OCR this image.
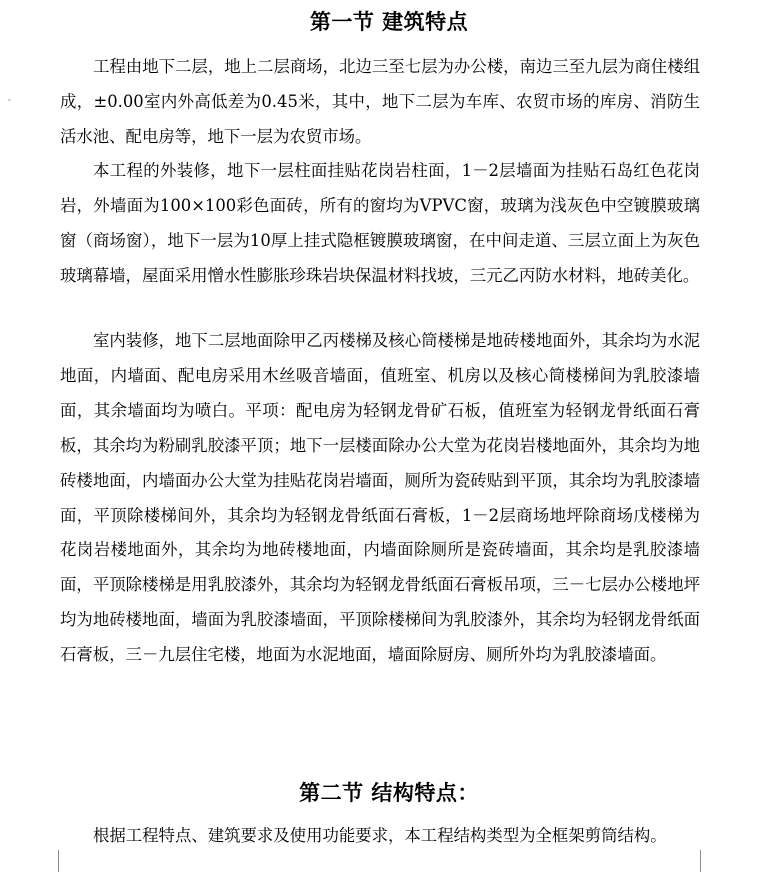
⌄
第一节 建筑特点

工程由地下二层，地上二层商场，北边三至七层为办公楼，南边三至九层为商住楼组成，±0.00室内外高低差为0.45米，其中，地下二层为车库、农贸市场的库房、消防生活水池、配电房等，地下一层为农贸市场。

本工程的外装修，地下一层柱面挂贴花岗岩柱面，1－2层墙面为挂贴石岛红色花岗岩，外墙面为100×100彩色面砖，所有的窗均为VPVC窗，玻璃为浅灰色中空镀膜玻璃窗（商场窗），地下一层为10厚上挂式隐框镀膜玻璃窗，在中间走道、三层立面上为灰色玻璃幕墙，屋面采用憎水性膨胀珍珠岩块保温材料找坡，三元乙丙防水材料，地砖美化。

室内装修，地下二层地面除甲乙丙楼梯及核心筒楼梯是地砖楼地面外，其余均为水泥地面，内墙面、配电房采用木丝吸音墙面，值班室、机房以及核心筒楼梯间为乳胶漆墙面，其余墙面均为喷白。平项：配电房为轻钢龙骨矿石板，值班室为轻钢龙骨纸面石膏板，其余均为粉刷乳胶漆平顶；地下一层楼面除办公大堂为花岗岩楼地面外，其余均为地砖楼地面，内墙面办公大堂为挂贴花岗岩墙面，厕所为瓷砖贴到平顶，其余均为乳胶漆墙面，平顶除楼梯间外，其余均为轻钢龙骨纸面石膏板，1－2层商场地坪除商场戊楼梯为花岗岩楼地面外，其余均为地砖楼地面，内墙面除厕所是瓷砖墙面，其余均是乳胶漆墙面，平顶除楼梯是用乳胶漆外，其余均为轻钢龙骨纸面石膏板吊项，三－七层办公楼地坪均为地砖楼地面，墙面为乳胶漆墙面，平顶除楼梯间为乳胶漆外，其余均为轻钢龙骨纸面石膏板，三－九层住宅楼，地面为水泥地面，墙面除厨房、厕所外均为乳胶漆墙面。

第二节 结构特点：

根据工程特点、建筑要求及使用功能要求，本工程结构类型为全框架剪筒结构。
